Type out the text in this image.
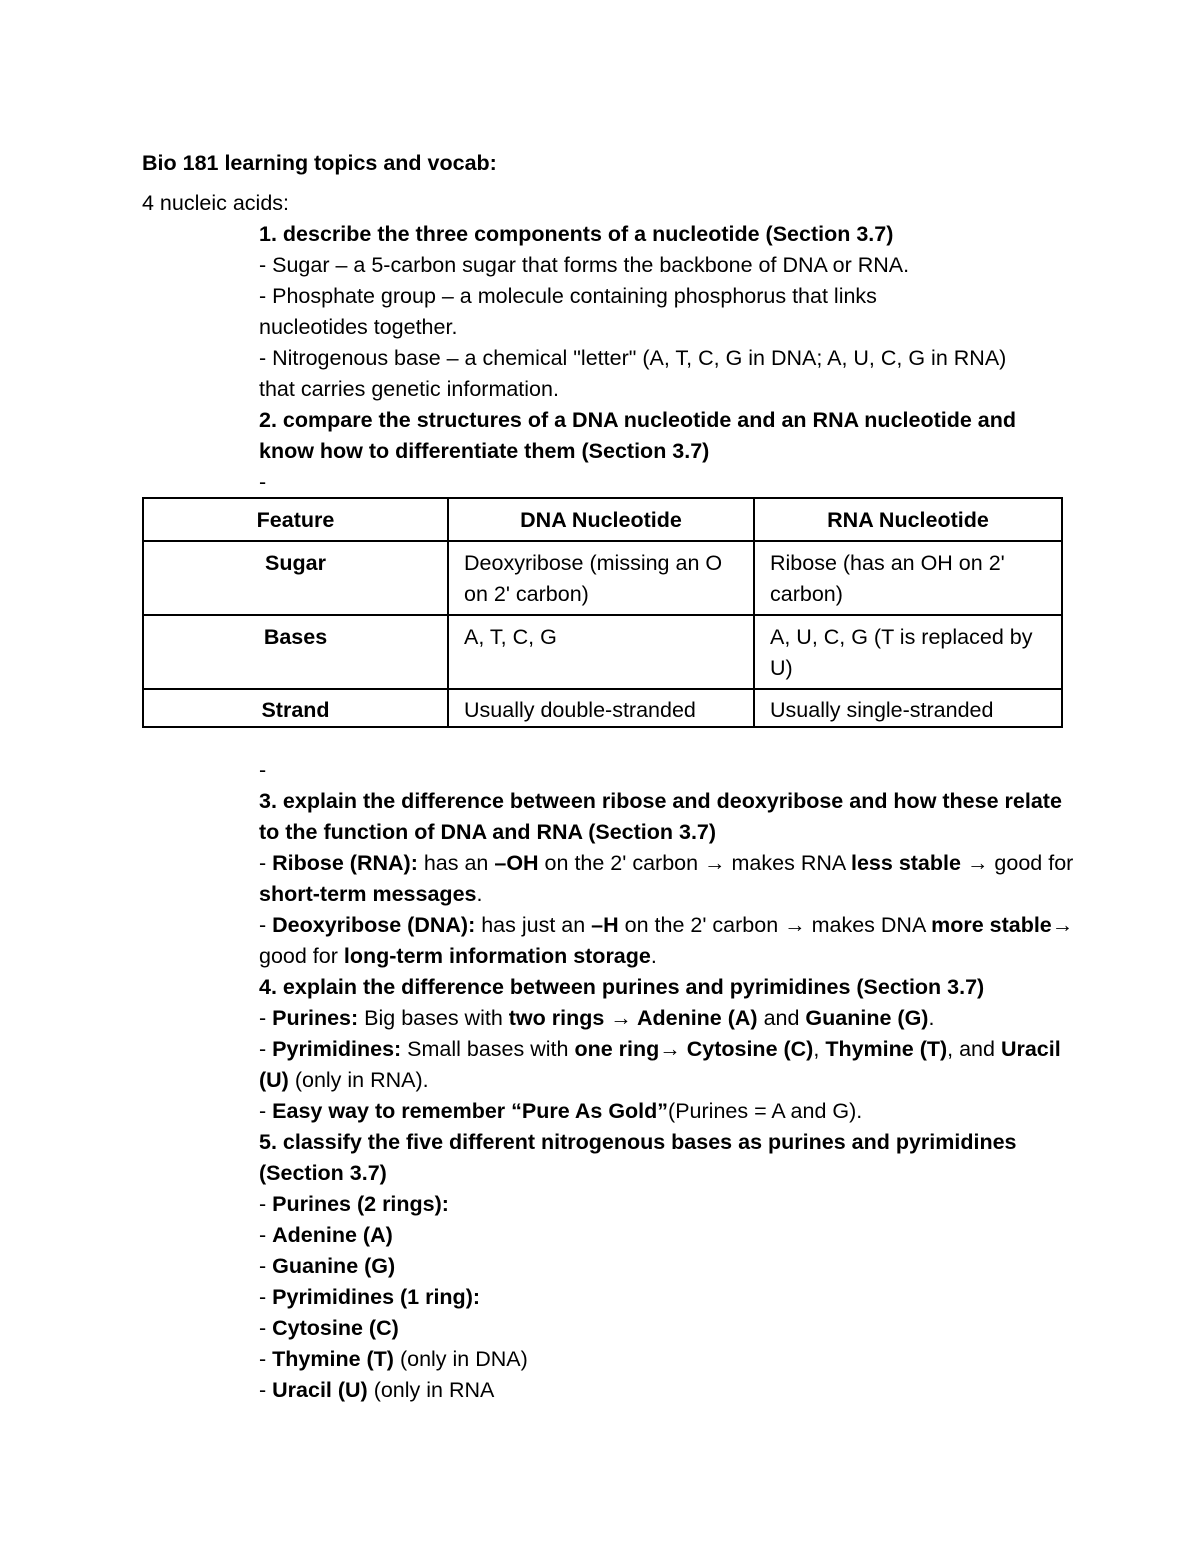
Bio 181 learning topics and vocab:
4 nucleic acids:

1. describe the three components of a nucleotide (Section 3.7)

- Sugar – a 5-carbon sugar that forms the backbone of DNA or RNA.

- Phosphate group – a molecule containing phosphorus that links nucleotides together.

- Nitrogenous base – a chemical "letter" (A, T, C, G in DNA; A, U, C, G in RNA) that carries genetic information.

2. compare the structures of a DNA nucleotide and an RNA nucleotide and know how to differentiate them (Section 3.7)

-

Feature	DNA Nucleotide	RNA Nucleotide
Sugar	Deoxyribose (missing an O on 2' carbon)	Ribose (has an OH on 2' carbon)
Bases	A, T, C, G	A, U, C, G (T is replaced by U)
Strand	Usually double-stranded	Usually single-stranded

-

3. explain the difference between ribose and deoxyribose and how these relate to the function of DNA and RNA (Section 3.7)

- Ribose (RNA): has an –OH on the 2' carbon → makes RNA less stable → good for short-term messages.

- Deoxyribose (DNA): has just an –H on the 2' carbon → makes DNA more stable→ good for long-term information storage.

4. explain the difference between purines and pyrimidines (Section 3.7)

- Purines: Big bases with two rings → Adenine (A) and Guanine (G).

- Pyrimidines: Small bases with one ring→ Cytosine (C), Thymine (T), and Uracil (U) (only in RNA).

- Easy way to remember “Pure As Gold”(Purines = A and G).

5. classify the five different nitrogenous bases as purines and pyrimidines (Section 3.7)

- Purines (2 rings):

- Adenine (A)

- Guanine (G)

- Pyrimidines (1 ring):

- Cytosine (C)

- Thymine (T) (only in DNA)

- Uracil (U) (only in RNA
